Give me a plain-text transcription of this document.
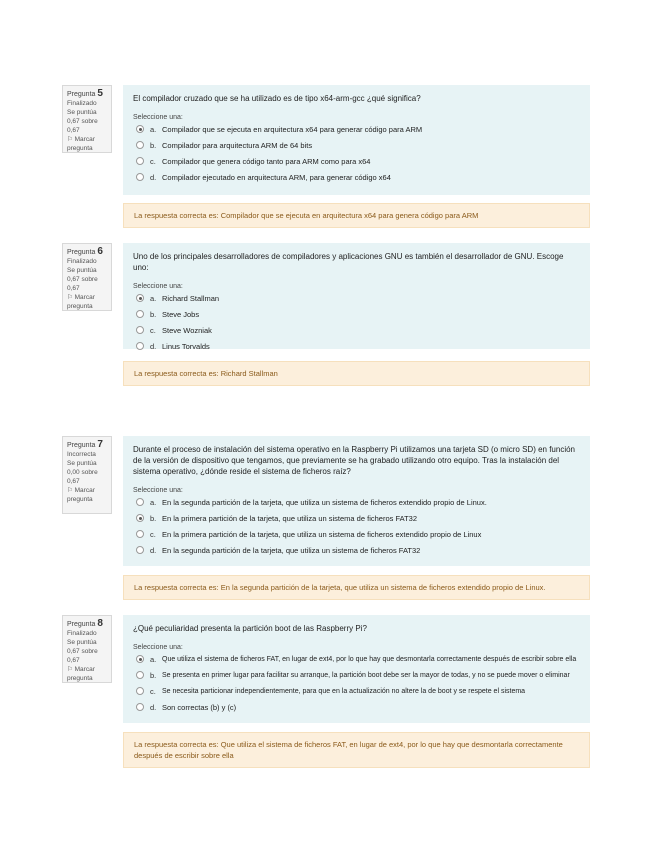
Pregunta 5
Finalizado
Se puntúa 0,67 sobre 0,67
⚐ Marcar pregunta
El compilador cruzado que se ha utilizado es de tipo x64-arm-gcc ¿qué significa?
Seleccione una:
a. Compilador que se ejecuta en arquitectura x64 para generar código para ARM
b. Compilador para arquitectura ARM de 64 bits
c. Compilador que genera código tanto para ARM como para x64
d. Compilador ejecutado en arquitectura ARM, para generar código x64
La respuesta correcta es: Compilador que se ejecuta en arquitectura x64 para genera código para ARM
Pregunta 6
Finalizado
Se puntúa 0,67 sobre 0,67
⚐ Marcar pregunta
Uno de los principales desarrolladores de compiladores y aplicaciones GNU es también el desarrollador de GNU. Escoge uno:
Seleccione una:
a. Richard Stallman
b. Steve Jobs
c. Steve Wozniak
d. Linus Torvalds
La respuesta correcta es: Richard Stallman
Pregunta 7
Incorrecta
Se puntúa 0,00 sobre 0,67
⚐ Marcar pregunta
Durante el proceso de instalación del sistema operativo en la Raspberry Pi utilizamos una tarjeta SD (o micro SD) en función de la versión de dispositivo que tengamos, que previamente se ha grabado utilizando otro equipo. Tras la instalación del sistema operativo, ¿dónde reside el sistema de ficheros raíz?
Seleccione una:
a. En la segunda partición de la tarjeta, que utiliza un sistema de ficheros extendido propio de Linux.
b. En la primera partición de la tarjeta, que utiliza un sistema de ficheros FAT32
c. En la primera partición de la tarjeta, que utiliza un sistema de ficheros extendido propio de Linux
d. En la segunda partición de la tarjeta, que utiliza un sistema de ficheros FAT32
La respuesta correcta es: En la segunda partición de la tarjeta, que utiliza un sistema de ficheros extendido propio de Linux.
Pregunta 8
Finalizado
Se puntúa 0,67 sobre 0,67
⚐ Marcar pregunta
¿Qué peculiaridad presenta la partición boot de las Raspberry Pi?
Seleccione una:
a. Que utiliza el sistema de ficheros FAT, en lugar de ext4, por lo que hay que desmontarla correctamente después de escribir sobre ella
b. Se presenta en primer lugar para facilitar su arranque, la partición boot debe ser la mayor de todas, y no se puede mover o eliminar
c. Se necesita particionar independientemente, para que en la actualización no altere la de boot y se respete el sistema
d. Son correctas (b) y (c)
La respuesta correcta es: Que utiliza el sistema de ficheros FAT, en lugar de ext4, por lo que hay que desmontarla correctamente después de escribir sobre ella
